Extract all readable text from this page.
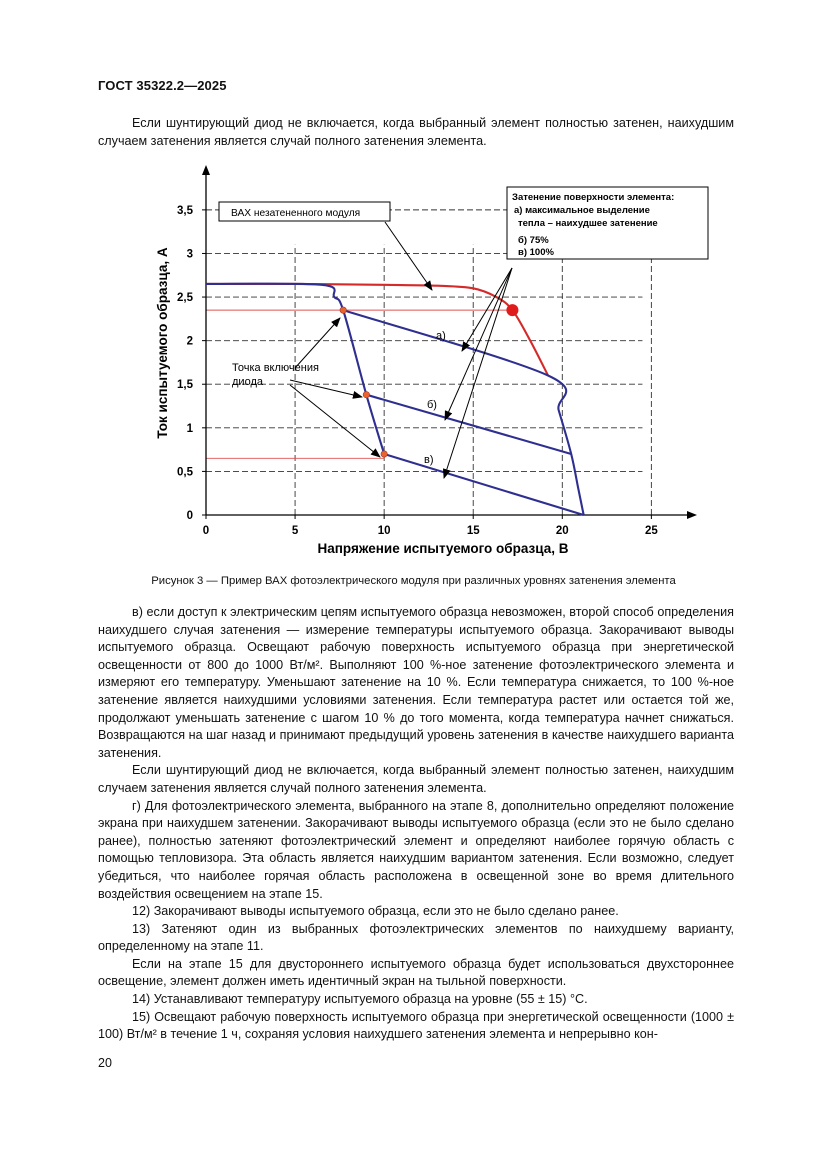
ГОСТ 35322.2—2025

Если шунтирующий диод не включается, когда выбранный элемент полностью затенен, наихудшим случаем затенения является случай полного затенения элемента.

0
0,5
1
1,5
2
2,5
3
3,5
0	5	10	15	20	25
ВАХ незатененного модуля
Затенение поверхности элемента:
а) максимальное выделение
тепла – наихудшее затенение
б) 75%
в) 100%
Точка включения
диода
а)
б)
в)
Напряжение испытуемого образца, В
Ток испытуемого образца, А
Рисунок 3 — Пример ВАХ фотоэлектрического модуля при различных уровнях затенения элемента

в) если доступ к электрическим цепям испытуемого образца невозможен, второй способ определения наихудшего случая затенения — измерение температуры испытуемого образца. Закорачивают выводы испытуемого образца. Освещают рабочую поверхность испытуемого образца при энергетической освещенности от 800 до 1000 Вт/м². Выполняют 100 %-ное затенение фотоэлектрического элемента и измеряют его температуру. Уменьшают затенение на 10 %. Если температура снижается, то 100 %-ное затенение является наихудшими условиями затенения. Если температура растет или остается той же, продолжают уменьшать затенение с шагом 10 % до того момента, когда температура начнет снижаться. Возвращаются на шаг назад и принимают предыдущий уровень затенения в качестве наихудшего варианта затенения.

Если шунтирующий диод не включается, когда выбранный элемент полностью затенен, наихудшим случаем затенения является случай полного затенения элемента.

г) Для фотоэлектрического элемента, выбранного на этапе 8, дополнительно определяют положение экрана при наихудшем затенении. Закорачивают выводы испытуемого образца (если это не было сделано ранее), полностью затеняют фотоэлектрический элемент и определяют наиболее горячую область с помощью тепловизора. Эта область является наихудшим вариантом затенения. Если возможно, следует убедиться, что наиболее горячая область расположена в освещенной зоне во время длительного воздействия освещением на этапе 15.

12) Закорачивают выводы испытуемого образца, если это не было сделано ранее.

13) Затеняют один из выбранных фотоэлектрических элементов по наихудшему варианту, определенному на этапе 11.

Если на этапе 15 для двустороннего испытуемого образца будет использоваться двухстороннее освещение, элемент должен иметь идентичный экран на тыльной поверхности.

14) Устанавливают температуру испытуемого образца на уровне (55 ± 15) °C.

15) Освещают рабочую поверхность испытуемого образца при энергетической освещенности (1000 ± 100) Вт/м² в течение 1 ч, сохраняя условия наихудшего затенения элемента и непрерывно кон-

20
